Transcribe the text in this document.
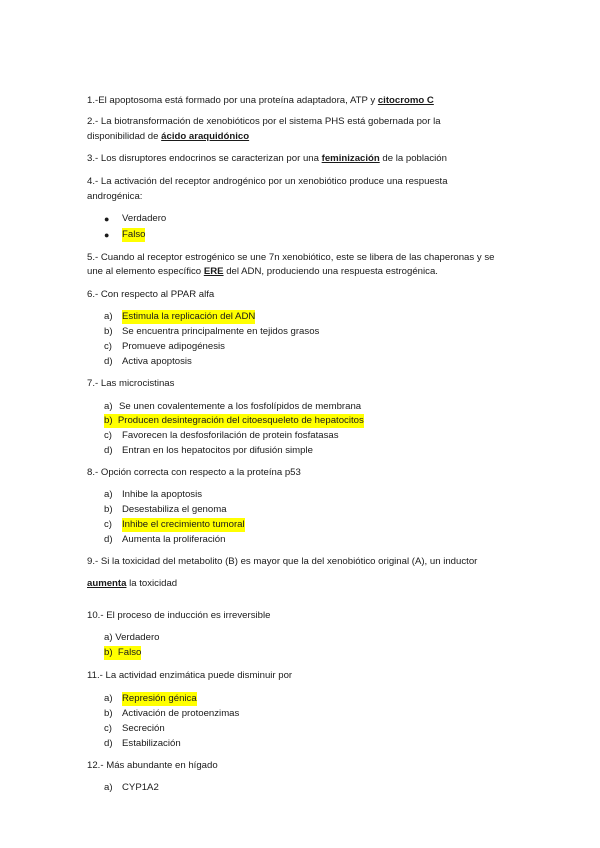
1.-El apoptosoma está formado por una proteína adaptadora, ATP y citocromo C
2.- La biotransformación de xenobióticos por el sistema PHS está gobernada por la
disponibilidad de ácido araquidónico
3.- Los disruptores endocrinos se caracterizan por una feminización de la población
4.- La activación del receptor androgénico por un xenobiótico produce una respuesta
androgénica:
● Verdadero
● Falso
5.- Cuando al receptor estrogénico se une 7n xenobiótico, este se libera de las chaperonas y se
une al elemento específico ERE del ADN, produciendo una respuesta estrogénica.
6.- Con respecto al PPAR alfa
a) Estimula la replicación del ADN
b) Se encuentra principalmente en tejidos grasos
c) Promueve adipogénesis
d) Activa apoptosis
7.- Las microcistinas
a) Se unen covalentemente a los fosfolípidos de membrana
b) Producen desintegración del citoesqueleto de hepatocitos
c) Favorecen la desfosforilación de protein fosfatasas
d) Entran en los hepatocitos por difusión simple
8.- Opción correcta con respecto a la proteína p53
a) Inhibe la apoptosis
b) Desestabiliza el genoma
c) Inhibe el crecimiento tumoral
d) Aumenta la proliferación
9.- Si la toxicidad del metabolito (B) es mayor que la del xenobiótico original (A), un inductor
aumenta la toxicidad
10.- El proceso de inducción es irreversible
a) Verdadero
b) Falso
11.- La actividad enzimática puede disminuir por
a) Represión génica
b) Activación de protoenzimas
c) Secreción
d) Estabilización
12.- Más abundante en hígado
a) CYP1A2
